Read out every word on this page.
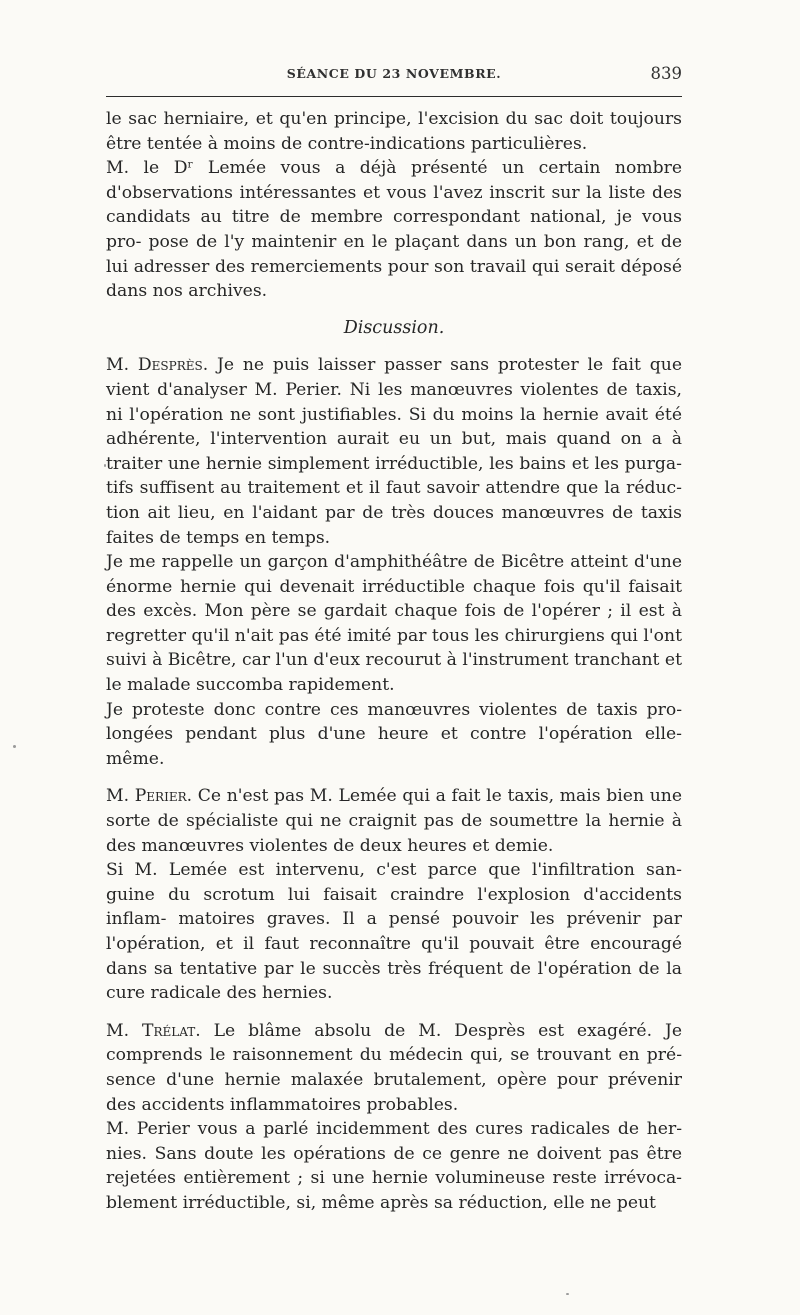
SÉANCE DU 23 NOVEMBRE.	839

le sac herniaire, et qu'en principe, l'excision du sac doit toujours être tentée à moins de contre-indications particulières.

M. le Dʳ Lemée vous a déjà présenté un certain nombre d'observations intéressantes et vous l'avez inscrit sur la liste des candidats au titre de membre correspondant national, je vous pro- pose de l'y maintenir en le plaçant dans un bon rang, et de lui adresser des remerciements pour son travail qui serait déposé dans nos archives.

Discussion.

M. Desprès. Je ne puis laisser passer sans protester le fait que vient d'analyser M. Perier. Ni les manœuvres violentes de taxis, ni l'opération ne sont justifiables. Si du moins la hernie avait été adhérente, l'intervention aurait eu un but, mais quand on a à traiter une hernie simplement irréductible, les bains et les purga- tifs suffisent au traitement et il faut savoir attendre que la réduc- tion ait lieu, en l'aidant par de très douces manœuvres de taxis faites de temps en temps.

Je me rappelle un garçon d'amphithéâtre de Bicêtre atteint d'une énorme hernie qui devenait irréductible chaque fois qu'il faisait des excès. Mon père se gardait chaque fois de l'opérer ; il est à regretter qu'il n'ait pas été imité par tous les chirurgiens qui l'ont suivi à Bicêtre, car l'un d'eux recourut à l'instrument tranchant et le malade succomba rapidement.

Je proteste donc contre ces manœuvres violentes de taxis pro- longées pendant plus d'une heure et contre l'opération elle-même.

M. Perier. Ce n'est pas M. Lemée qui a fait le taxis, mais bien une sorte de spécialiste qui ne craignit pas de soumettre la hernie à des manœuvres violentes de deux heures et demie.

Si M. Lemée est intervenu, c'est parce que l'infiltration san- guine du scrotum lui faisait craindre l'explosion d'accidents inflam- matoires graves. Il a pensé pouvoir les prévenir par l'opération, et il faut reconnaître qu'il pouvait être encouragé dans sa tentative par le succès très fréquent de l'opération de la cure radicale des hernies.

M. Trélat. Le blâme absolu de M. Desprès est exagéré. Je comprends le raisonnement du médecin qui, se trouvant en pré- sence d'une hernie malaxée brutalement, opère pour prévenir des accidents inflammatoires probables.

M. Perier vous a parlé incidemment des cures radicales de her- nies. Sans doute les opérations de ce genre ne doivent pas être rejetées entièrement ; si une hernie volumineuse reste irrévoca- blement irréductible, si, même après sa réduction, elle ne peut
